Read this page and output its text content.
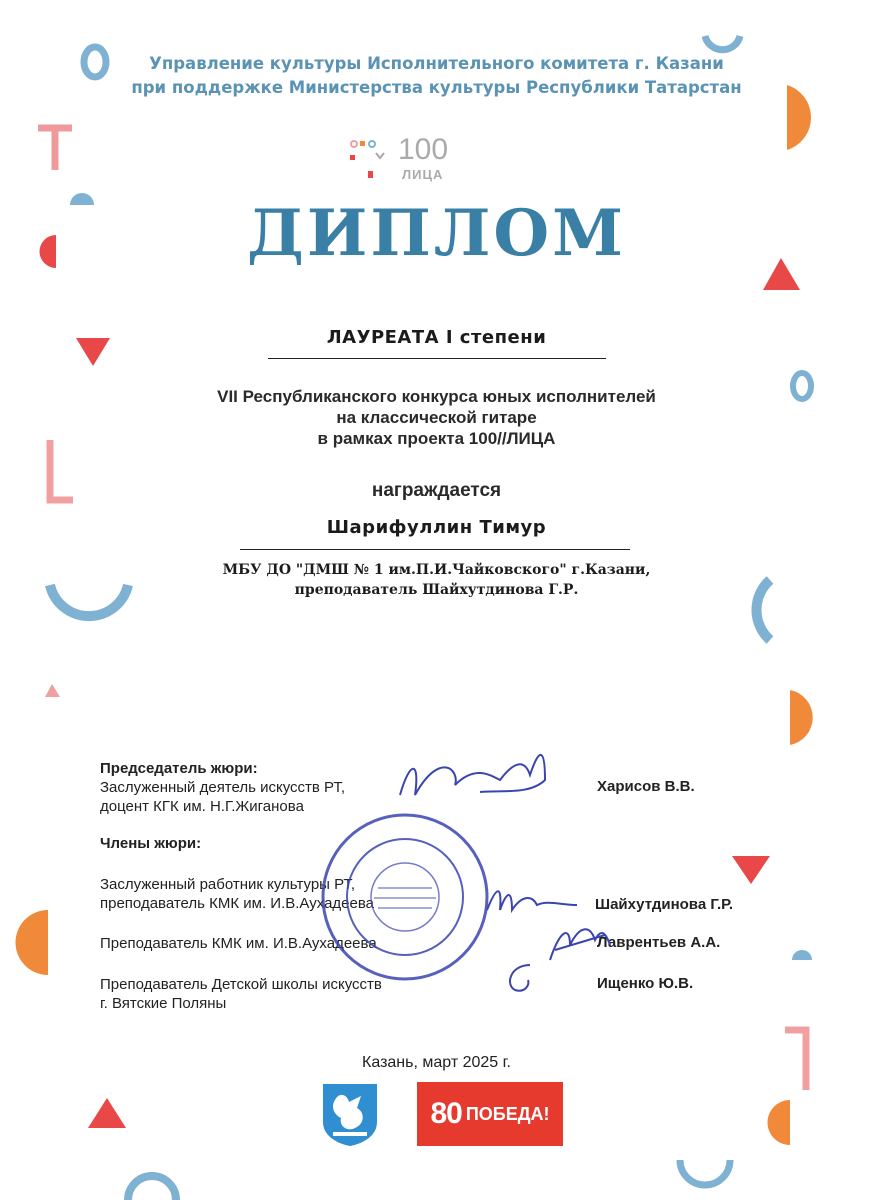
Управление культуры Исполнительного комитета г. Казани
при поддержке Министерства культуры Республики Татарстан
100
ЛИЦА
ДИПЛОМ
ЛАУРЕАТА I степени
VII Республиканского конкурса юных исполнителей
на классической гитаре
в рамках проекта 100//ЛИЦА
награждается
Шарифуллин Тимур
МБУ ДО "ДМШ № 1 им.П.И.Чайковского" г.Казани,
преподаватель Шайхутдинова Г.Р.
Председатель жюри:
Заслуженный деятель искусств РТ,
доцент КГК им. Н.Г.Жиганова
Харисов В.В.
Члены жюри:
Заслуженный работник культуры РТ,
преподаватель КМК им. И.В.Аухадеева	Шайхутдинова Г.Р.
Преподаватель КМК им. И.В.Аухадеева	Лаврентьев А.А.
Преподаватель Детской школы искусств
г. Вятские Поляны
Ищенко Ю.В.
Казань, март 2025 г.
80 ПОБЕДА!
